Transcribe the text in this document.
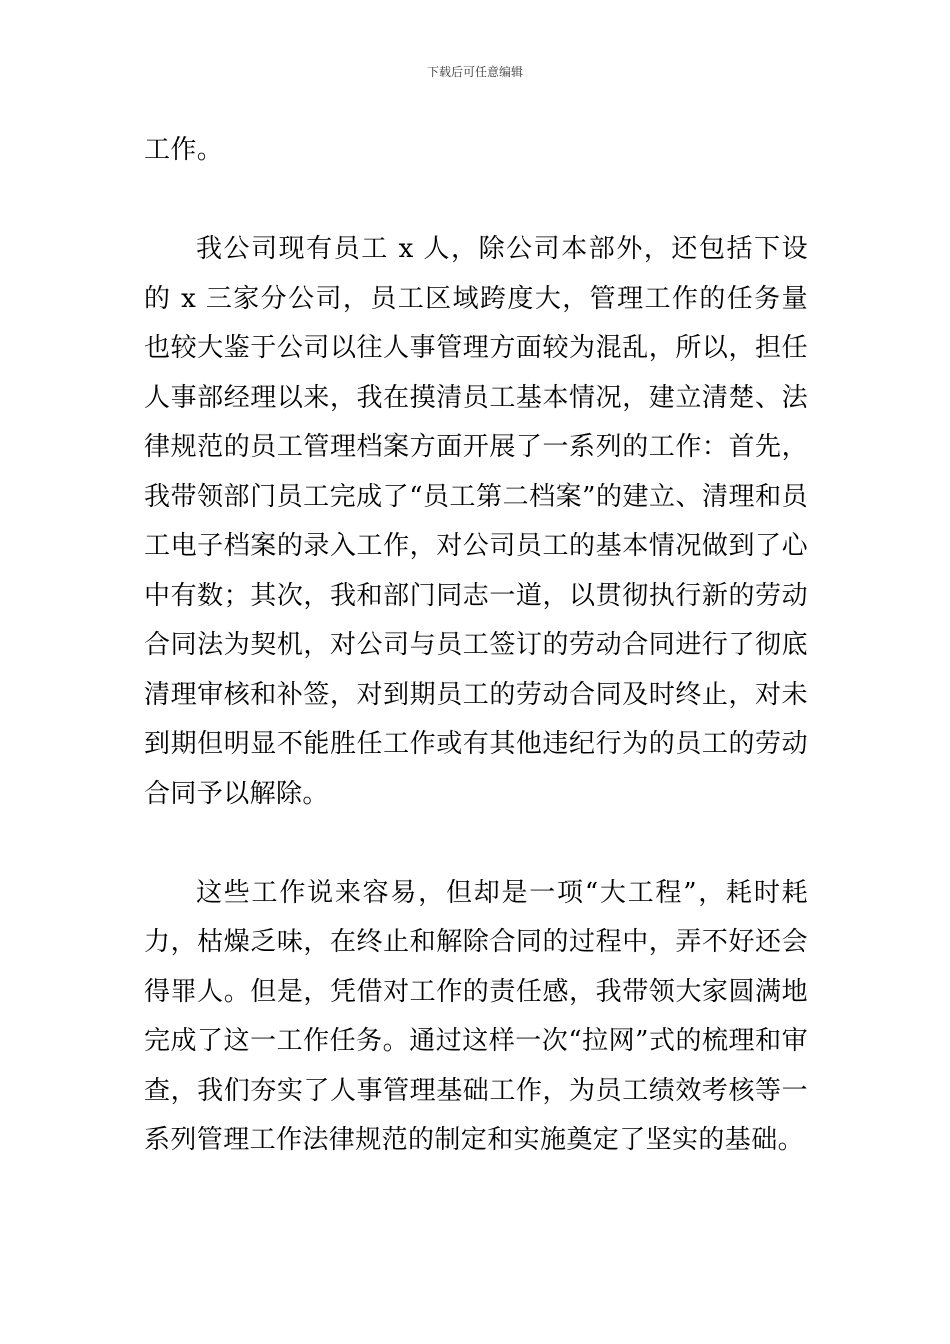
下载后可任意编辑

工作。

我公司现有员工 x 人，除公司本部外，还包括下设的 x 三家分公司，员工区域跨度大，管理工作的任务量也较大鉴于公司以往人事管理方面较为混乱，所以，担任人事部经理以来，我在摸清员工基本情况，建立清楚、法律规范的员工管理档案方面开展了一系列的工作：首先，我带领部门员工完成了“员工第二档案”的建立、清理和员工电子档案的录入工作，对公司员工的基本情况做到了心中有数；其次，我和部门同志一道，以贯彻执行新的劳动合同法为契机，对公司与员工签订的劳动合同进行了彻底清理审核和补签，对到期员工的劳动合同及时终止，对未到期但明显不能胜任工作或有其他违纪行为的员工的劳动合同予以解除。

这些工作说来容易，但却是一项“大工程”，耗时耗力，枯燥乏味，在终止和解除合同的过程中，弄不好还会得罪人。但是，凭借对工作的责任感，我带领大家圆满地完成了这一工作任务。通过这样一次“拉网”式的梳理和审查，我们夯实了人事管理基础工作，为员工绩效考核等一系列管理工作法律规范的制定和实施奠定了坚实的基础。
